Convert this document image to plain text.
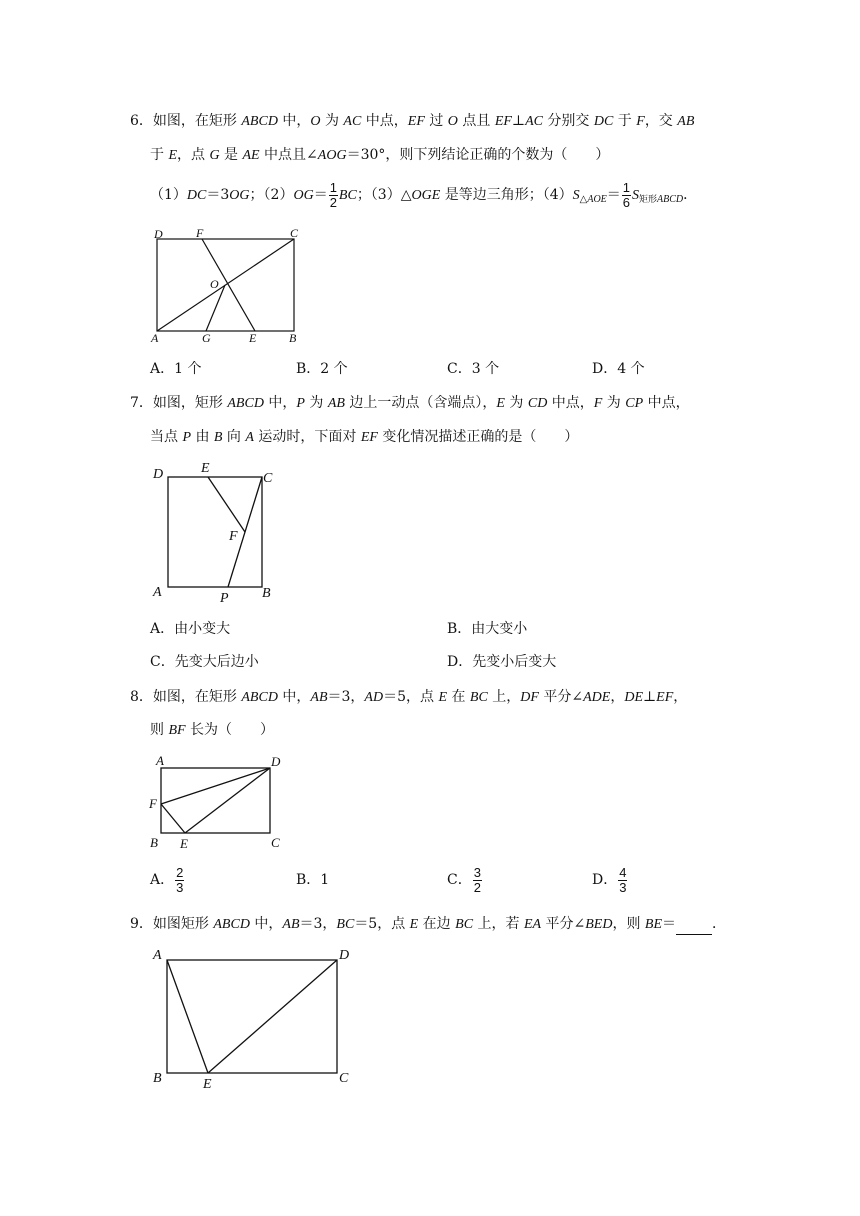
6．如图，在矩形 ABCD 中，O 为 AC 中点，EF 过 O 点且 EF⊥AC 分别交 DC 于 F，交 AB
于 E，点 G 是 AE 中点且∠AOG＝30°，则下列结论正确的个数为（　　）
（1）DC＝3OG；$(2)OG= \frac{1}{2}$ BC；（3）△OGE 是等边三角形；$(4)S_{\triangle AOE}= \frac{1}{6} S_{矩形ABCD}$．
D	F	C
O
A	G	E	B
A．1 个	B．2 个	C．3 个	D．4 个
7．如图，矩形 ABCD 中，P 为 AB 边上一动点（含端点），E 为 CD 中点，F 为 CP 中点，
当点 P 由 B 向 A 运动时，下面对 EF 变化情况描述正确的是（　　）
D	E
C
F
A	P B
A．由小变大	B．由大变小
C．先变大后边小	D．先变小后变大
8．如图，在矩形 ABCD 中，AB＝3，AD＝5，点 E 在 BC 上，DF 平分∠ADE，DE⊥EF，
则 BF 长为（　　）
A	D
F
B E	C
A． $\frac{2}{3}$	B．1	C． $\frac{3}{2}$	D． $\frac{4}{3}$
9．如图矩形 ABCD 中，AB＝3，BC＝5，点 E 在边 BC 上，若 EA 平分∠BED，则 BE＝	．
A	D
B	E	C
